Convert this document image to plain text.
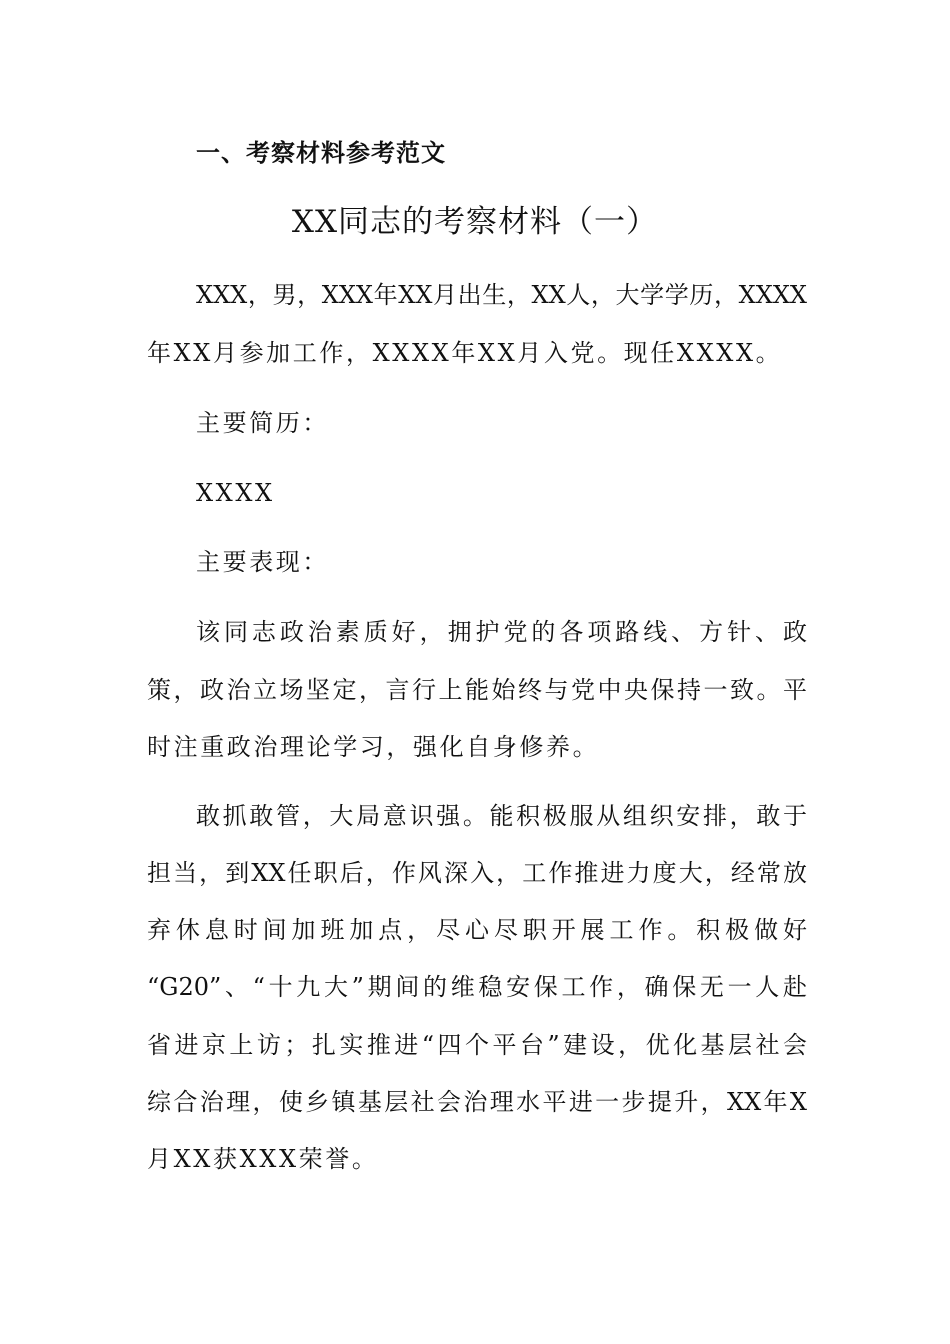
一、考察材料参考范文
XX同志的考察材料（一）
XXX，男，XXX年XX月出生，XX人，大学学历，XXXX
年XX月参加工作，XXXX年XX月入党。现任XXXX。
主要简历：
XXXX
主要表现：
该同志政治素质好，拥护党的各项路线、方针、政
策，政治立场坚定，言行上能始终与党中央保持一致。平
时注重政治理论学习，强化自身修养。
敢抓敢管，大局意识强。能积极服从组织安排，敢于
担当，到XX任职后，作风深入，工作推进力度大，经常放
弃休息时间加班加点，尽心尽职开展工作。积极做好
“G20”、“十九大”期间的维稳安保工作，确保无一人赴
省进京上访；扎实推进“四个平台”建设，优化基层社会
综合治理，使乡镇基层社会治理水平进一步提升，XX年X
月XX获XXX荣誉。
